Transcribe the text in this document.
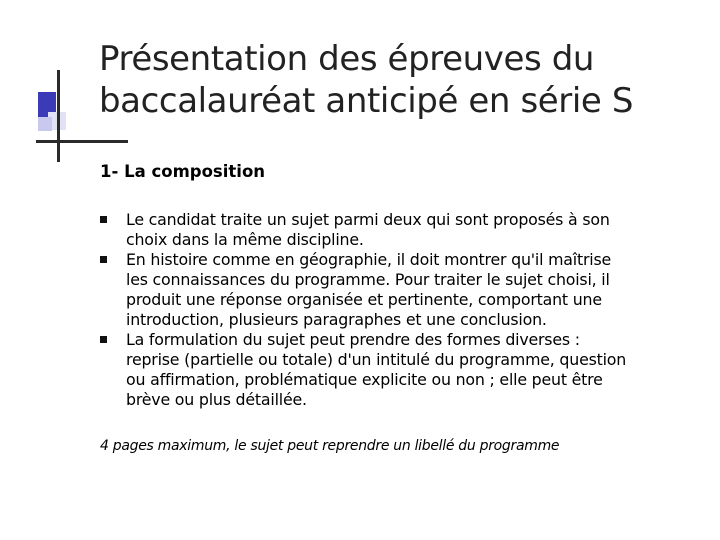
Présentation des épreuves du
baccalauréat anticipé en série S
1- La composition
Le candidat traite un sujet parmi deux qui sont proposés à son
choix dans la même discipline.
En histoire comme en géographie, il doit montrer qu'il maîtrise
les connaissances du programme. Pour traiter le sujet choisi, il
produit une réponse organisée et pertinente, comportant une
introduction, plusieurs paragraphes et une conclusion.
La formulation du sujet peut prendre des formes diverses :
reprise (partielle ou totale) d'un intitulé du programme, question
ou affirmation, problématique explicite ou non ; elle peut être
brève ou plus détaillée.
4 pages maximum, le sujet peut reprendre un libellé du programme
